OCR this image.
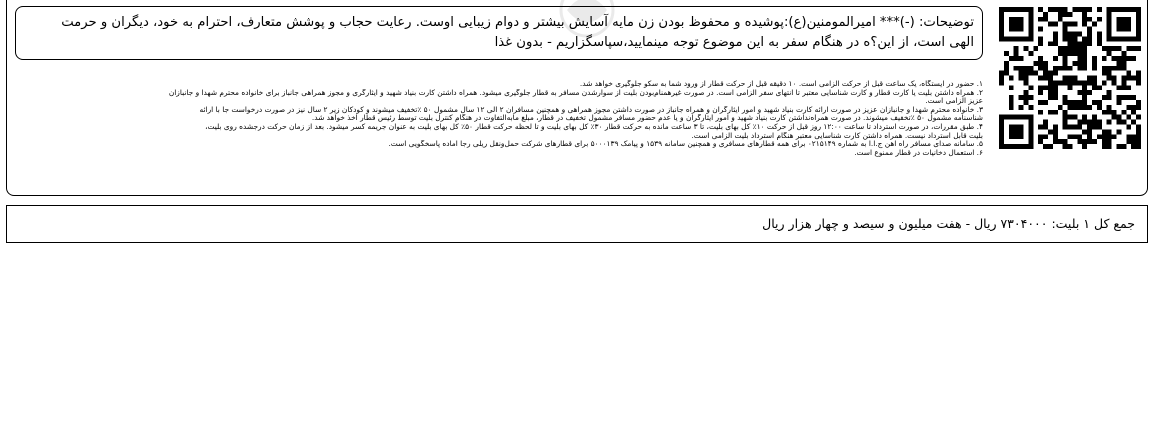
توضیحات: (-)*** امیرالمومنین(ع):پوشیده و محفوظ بودن زن مایه آسایش بیشتر و دوام زیبایی اوست. رعایت حجاب و پوشش متعارف، احترام به خود، دیگران و حرمت
الهی است، از این؟ه در هنگام سفر به این موضوع توجه مینمایید،سپاسگزاریم - بدون غذا
۱. حضور در ایستگاه، یک ساعت قبل از حرکت الزامی است. ۱۰ دقیقه قبل از حرکت قطار از ورود شما به سکو جلوگیری خواهد شد.
۲. همراه داشتن بلیت یا کارت قطار و کارت شناسایی معتبر تا انتهای سفر الزامی است. در صورت غیرهمنام‌بودن بلیت از سوارشدن مسافر به قطار جلوگیری میشود. همراه داشتن کارت بنیاد شهید و ایثارگری و مجوز همراهی جانباز برای خانواده محترم شهدا و جانبازان
عزیز الزامی است.
۳. خانواده محترم شهدا و جانبازان عزیز در صورت ارائه کارت بنیاد شهید و امور ایثارگران و همراه جانباز در صورت داشتن مجوز همراهی و همچنین مسافران ۲ الی ۱۲ سال مشمول ۵۰ ٪تخفیف میشوند و کودکان زیر ۲ سال نیز در صورت درخواست جا با ارائه
شناسنامه مشمول ۵۰ ٪تخفیف میشوند. در صورت همراه‌نداشتن کارت بنیاد شهید و امور ایثارگران و یا عدم حضور مسافر مشمول تخفیف در قطار، مبلغ مابه‌التفاوت در هنگام کنترل بلیت توسط رئیس قطار اخذ خواهد شد.
۴. طبق مقررات، در صورت استرداد تا ساعت ۱۲:۰۰ روز قبل از حرکت ۱۰٪ کل بهای بلیت، تا ۳ ساعت مانده به حرکت قطار ۳۰٪ کل بهای بلیت و تا لحظه حرکت قطار ۵۰٪ کل بهای بلیت به عنوان جریمه کسر میشود. بعد از زمان حرکت درجشده روی بلیت،
بلیت قابل استرداد نیست. همراه داشتن کارت شناسایی معتبر هنگام استرداد بلیت الزامی است.
۵. سامانه صدای مسافر راه آهن ج.ا.ا به شماره ۰۲۱۵۱۴۹ برای همه قطارهای مسافری و همچنین سامانه ۱۵۳۹ و پیامک ۵۰۰۰۱۳۹ برای قطارهای شرکت حمل‌ونقل ریلی رجا آماده پاسخگویی است.
۶. استعمال دخانیات در قطار ممنوع است.
جمع کل ۱ بلیت: ۷۳۰۴۰۰۰ ریال - هفت میلیون و سیصد و چهار هزار ریال
